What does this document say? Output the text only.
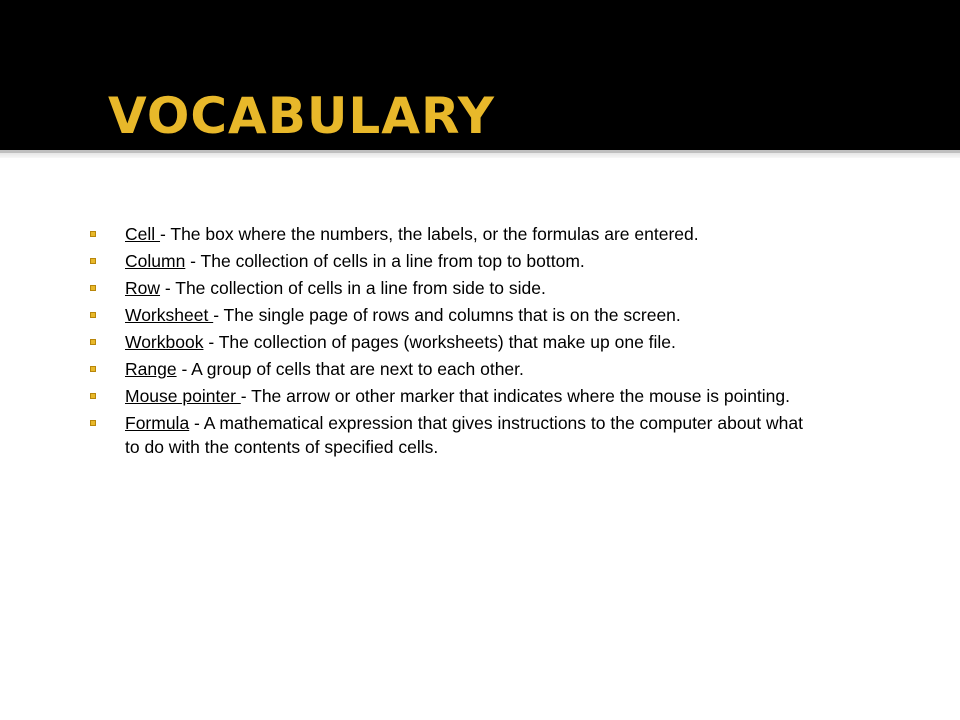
VOCABULARY
Cell - The box where the numbers, the labels, or the formulas are entered.
Column - The collection of cells in a line from top to bottom.
Row - The collection of cells in a line from side to side.
Worksheet - The single page of rows and columns that is on the screen.
Workbook - The collection of pages (worksheets) that make up one file.
Range - A group of cells that are next to each other.
Mouse pointer - The arrow or other marker that indicates where the mouse is pointing.
Formula - A mathematical expression that gives instructions to the computer about what to do with the contents of specified cells.
